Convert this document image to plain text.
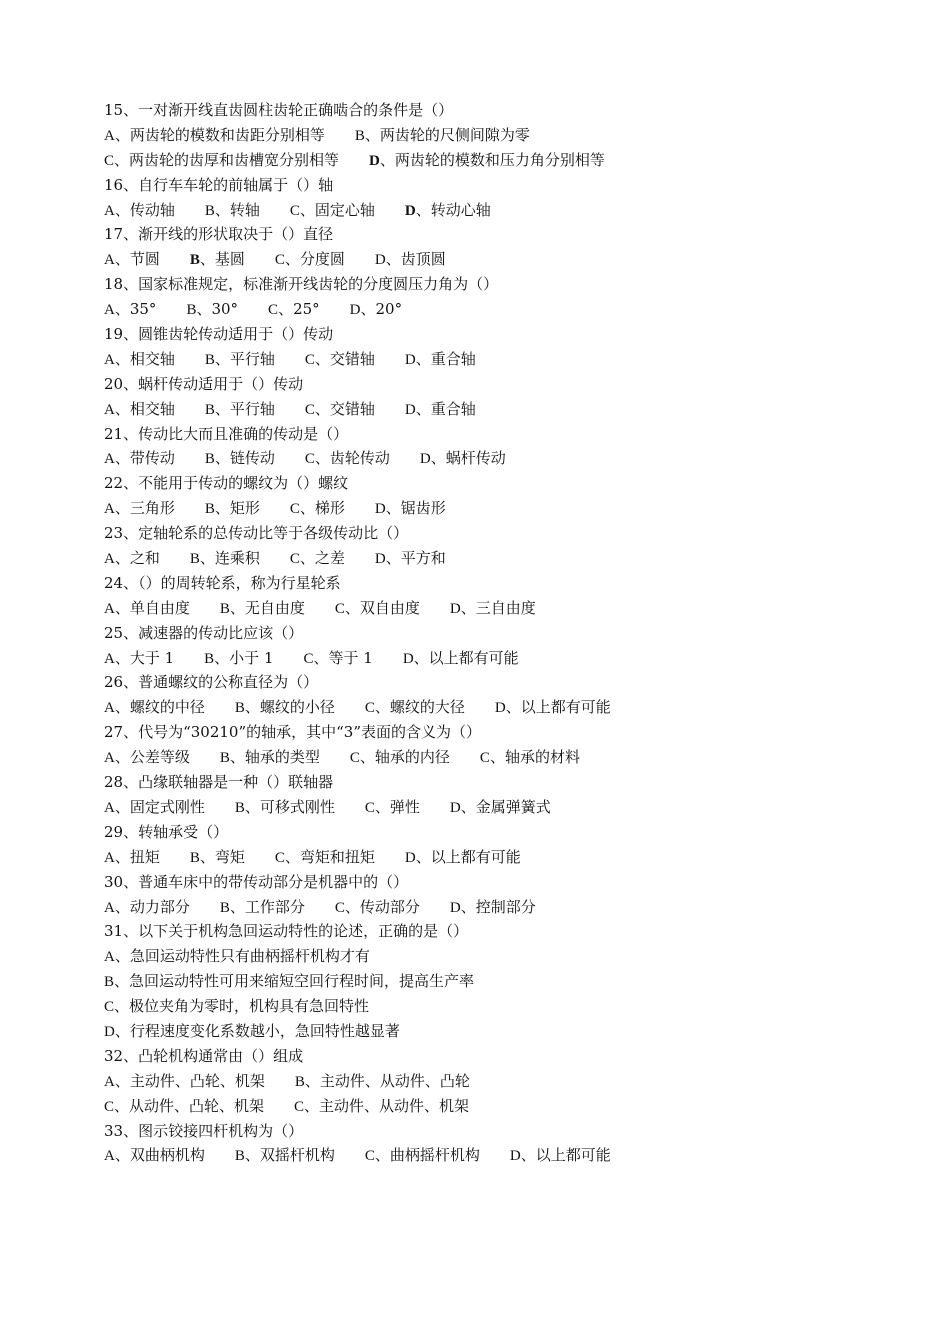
15、一对渐开线直齿圆柱齿轮正确啮合的条件是（）
A、两齿轮的模数和齿距分别相等 B、两齿轮的尺侧间隙为零
C、两齿轮的齿厚和齿槽宽分别相等 D、两齿轮的模数和压力角分别相等
16、自行车车轮的前轴属于（）轴
A、传动轴 B、转轴 C、固定心轴 D、转动心轴
17、渐开线的形状取决于（）直径
A、节圆 B、基圆 C、分度圆 D、齿顶圆
18、国家标准规定，标准渐开线齿轮的分度圆压力角为（）
A、35° B、30° C、25° D、20°
19、圆锥齿轮传动适用于（）传动
A、相交轴 B、平行轴 C、交错轴 D、重合轴
20、蜗杆传动适用于（）传动
A、相交轴 B、平行轴 C、交错轴 D、重合轴
21、传动比大而且准确的传动是（）
A、带传动 B、链传动 C、齿轮传动 D、蜗杆传动
22、不能用于传动的螺纹为（）螺纹
A、三角形 B、矩形 C、梯形 D、锯齿形
23、定轴轮系的总传动比等于各级传动比（）
A、之和 B、连乘积 C、之差 D、平方和
24、（）的周转轮系，称为行星轮系
A、单自由度 B、无自由度 C、双自由度 D、三自由度
25、减速器的传动比应该（）
A、大于 1 B、小于 1 C、等于 1 D、以上都有可能
26、普通螺纹的公称直径为（）
A、螺纹的中径 B、螺纹的小径 C、螺纹的大径 D、以上都有可能
27、代号为“30210”的轴承，其中“3”表面的含义为（）
A、公差等级 B、轴承的类型 C、轴承的内径 C、轴承的材料
28、凸缘联轴器是一种（）联轴器
A、固定式刚性 B、可移式刚性 C、弹性 D、金属弹簧式
29、转轴承受（）
A、扭矩 B、弯矩 C、弯矩和扭矩 D、以上都有可能
30、普通车床中的带传动部分是机器中的（）
A、动力部分 B、工作部分 C、传动部分 D、控制部分
31、以下关于机构急回运动特性的论述，正确的是（）
A、急回运动特性只有曲柄摇杆机构才有
B、急回运动特性可用来缩短空回行程时间，提高生产率
C、极位夹角为零时，机构具有急回特性
D、行程速度变化系数越小，急回特性越显著
32、凸轮机构通常由（）组成
A、主动件、凸轮、机架 B、主动件、从动件、凸轮
C、从动件、凸轮、机架 C、主动件、从动件、机架
33、图示铰接四杆机构为（）
A、双曲柄机构 B、双摇杆机构 C、曲柄摇杆机构 D、以上都可能
